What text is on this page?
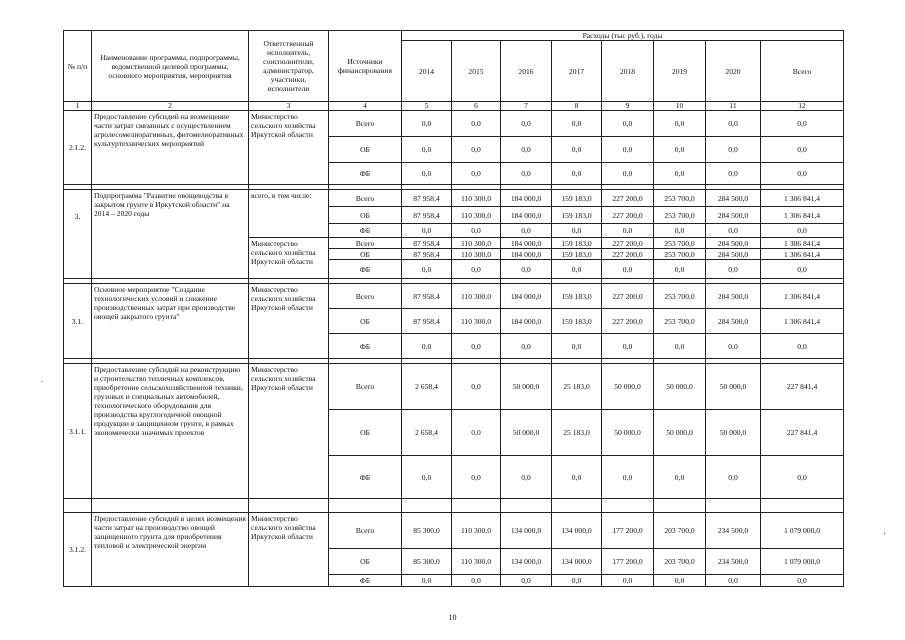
№ п/п	Наименование программы, подпрограммы, ведомственной целевой программы, основного мероприятия, мероприятия	Ответственный исполнитель, соисполнители, администратор, участники, исполнители	Источники финансирования	Расходы (тыс руб.), годы							
				2014	2015	2016	2017	2018	2019	2020	Всего
1	2	3	4	5	6	7	8	9	10	11	12
2.1.2.	Предоставление субсидий на возмещение части затрат связанных с осуществлением агролесомелиоративных, фитомелиоративных культуртехнических мероприятий	Министерство сельского хозяйства Иркутской области	Всего	0,0	0,0	0,0	0,0	0,0	0,0	0,0	0,0
			ОБ	0,0	0,0	0,0	0,0	0,0	0,0	0,0	0,0
			ФБ	0,0	0,0	0,0	0,0	0,0	0,0	0,0	0,0

3.	Подпрограмма "Развитие овощеводства в закрытом грунте в Иркутской области" на 2014 – 2020 годы	всего, в том числе:	Всего	87 958,4	110 300,0	184 000,0	159 183,0	227 200,0	253 700,0	284 500,0	1 306 841,4
			ОБ	87 958,4	110 300,0	184 000,0	159 183,0	227 200,0	253 700,0	284 500,0	1 306 841,4
			ФБ	0,0	0,0	0,0	0,0	0,0	0,0	0,0	0,0
		Министерство сельского хозяйства Иркутской области	Всего	87 958,4	110 300,0	184 000,0	159 183,0	227 200,0	253 700,0	284 500,0	1 306 841,4
			ОБ	87 958,4	110 300,0	184 000,0	159 183,0	227 200,0	253 700,0	284 500,0	1 306 841,4
			ФБ	0,0	0,0	0,0	0,0	0,0	0,0	0,0	0,0

3.1.	Основное мероприятие "Создание технологических условий и снижение производственных затрат при производстве овощей закрытого грунта"	Министерство сельского хозяйства Иркутской области	Всего	87 958,4	110 300,0	184 000,0	159 183,0	227 200,0	253 700,0	284 500,0	1 306 841,4
			ОБ	87 958,4	110 300,0	184 000,0	159 183,0	227 200,0	253 700,0	284 500,0	1 306 841,4
			ФБ	0,0	0,0	0,0	0,0	0,0	0,0	0,0	0,0

3.1.1.	Предоставление субсидий на реконструкцию и строительство тепличных комплексов, приобретение сельскохозяйственной техники, грузовых и специальных автомобилей, технологического оборудования для производства круглогодичной овощной продукции в защищенном грунте, в рамках экономически значимых проектов	Министерство сельского хозяйства Иркутской области	Всего	2 658,4	0,0	50 000,0	25 183,0	50 000,0	50 000,0	50 000,0	227 841,4
			ОБ	2 658,4	0,0	50 000,0	25 183,0	50 000,0	50 000,0	50 000,0	227 841,4
			ФБ	0,0	0,0	0,0	0,0	0,0	0,0	0,0	0,0

3.1.2.	Предоставление субсидий в целях возмещения части затрат на производство овощей защищенного грунта для приобретения тепловой и электрической энергии	Министерство сельского хозяйства Иркутской области	Всего	85 300,0	110 300,0	134 000,0	134 000,0	177 200,0	203 700,0	234 500,0	1 079 000,0
			ОБ	85 300,0	110 300,0	134 000,0	134 000,0	177 200,0	203 700,0	234 500,0	1 079 000,0
			ФБ	0,0	0,0	0,0	0,0	0,0	0,0	0,0	0,0
10
.
'
